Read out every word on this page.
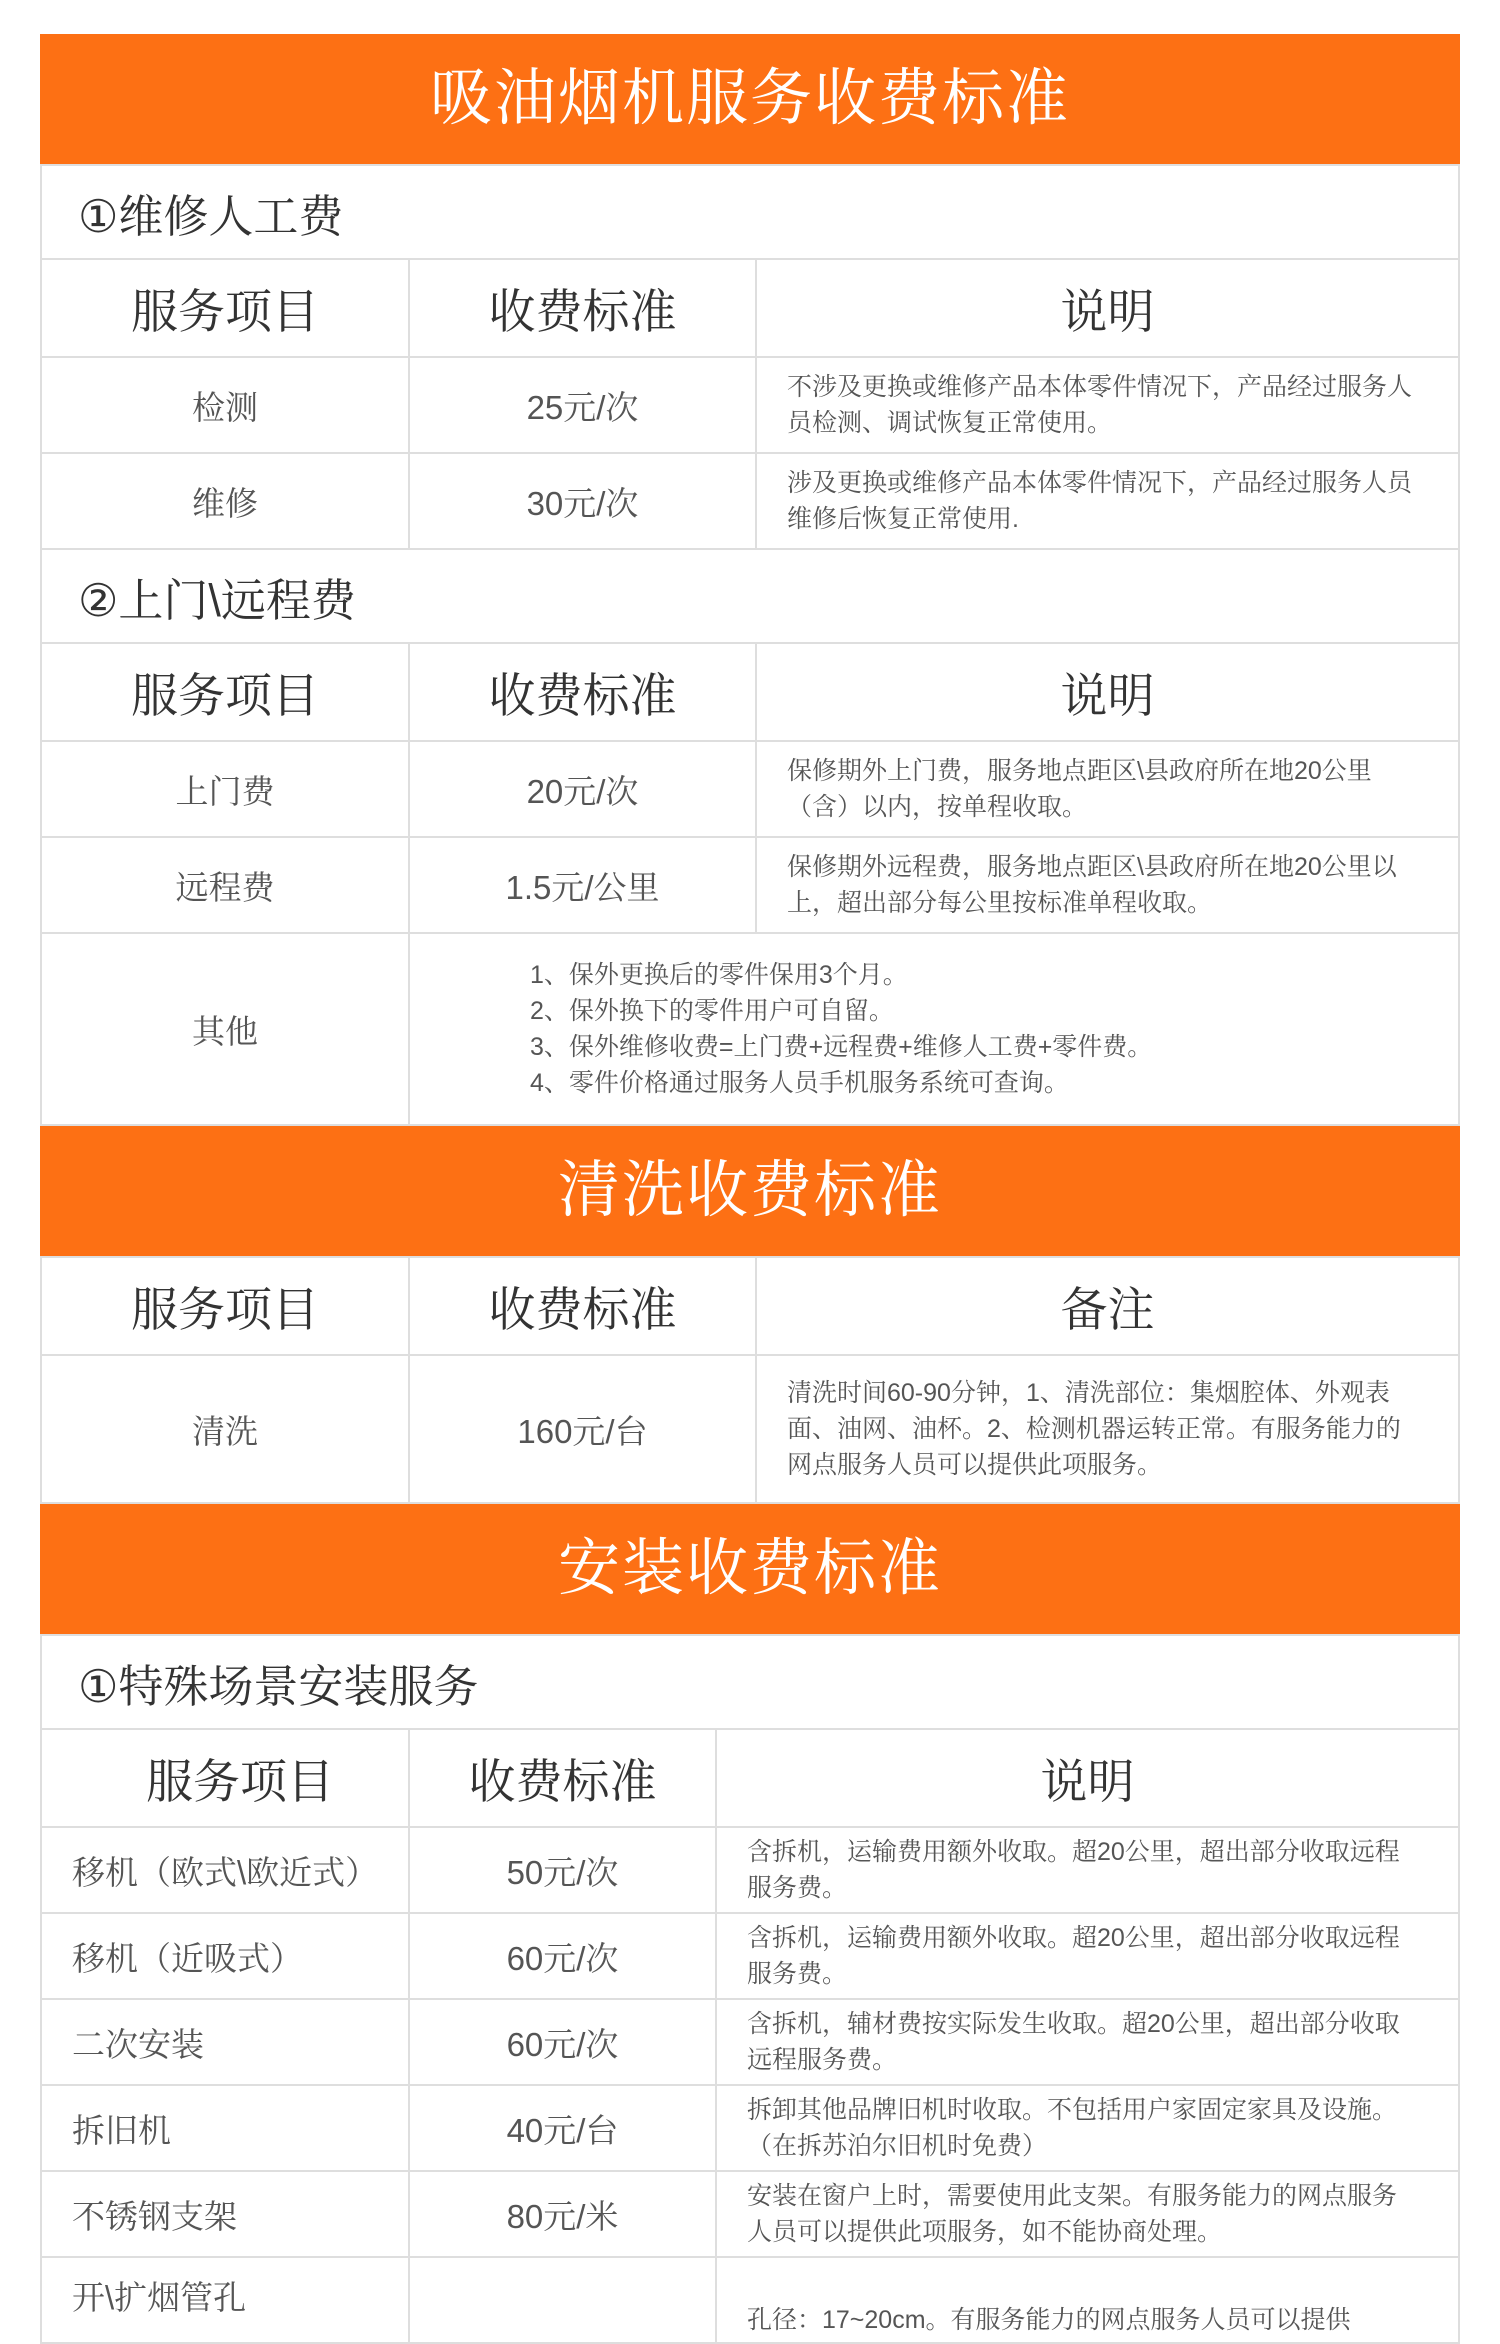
吸油烟机服务收费标准
①维修人工费		
服务项目	收费标准	说明
检测	25元/次	不涉及更换或维修产品本体零件情况下，产品经过服务人员检测、调试恢复正常使用。
维修	30元/次	涉及更换或维修产品本体零件情况下，产品经过服务人员维修后恢复正常使用.
②上门\远程费		
服务项目	收费标准	说明
上门费	20元/次	保修期外上门费，服务地点距区\县政府所在地20公里（含）以内，按单程收取。
远程费	1.5元/公里	保修期外远程费，服务地点距区\县政府所在地20公里以上，超出部分每公里按标准单程收取。
其他	1、保外更换后的零件保用3个月。
2、保外换下的零件用户可自留。
3、保外维修收费=上门费+远程费+维修人工费+零件费。
4、零件价格通过服务人员手机服务系统可查询。	
清洗收费标准
服务项目	收费标准	备注
清洗	160元/台	清洗时间60-90分钟，1、清洗部位：集烟腔体、外观表面、油网、油杯。2、检测机器运转正常。有服务能力的网点服务人员可以提供此项服务。
安装收费标准
①特殊场景安装服务		
服务项目	收费标准	说明
移机（欧式\欧近式）	50元/次	含拆机，运输费用额外收取。超20公里，超出部分收取远程服务费。
移机（近吸式）	60元/次	含拆机，运输费用额外收取。超20公里，超出部分收取远程服务费。
二次安装	60元/次	含拆机，辅材费按实际发生收取。超20公里，超出部分收取远程服务费。
拆旧机	40元/台	拆卸其他品牌旧机时收取。不包括用户家固定家具及设施。（在拆苏泊尔旧机时免费）
不锈钢支架	80元/米	安装在窗户上时，需要使用此支架。有服务能力的网点服务人员可以提供此项服务，如不能协商处理。
开\扩烟管孔		孔径：17~20cm。有服务能力的网点服务人员可以提供
